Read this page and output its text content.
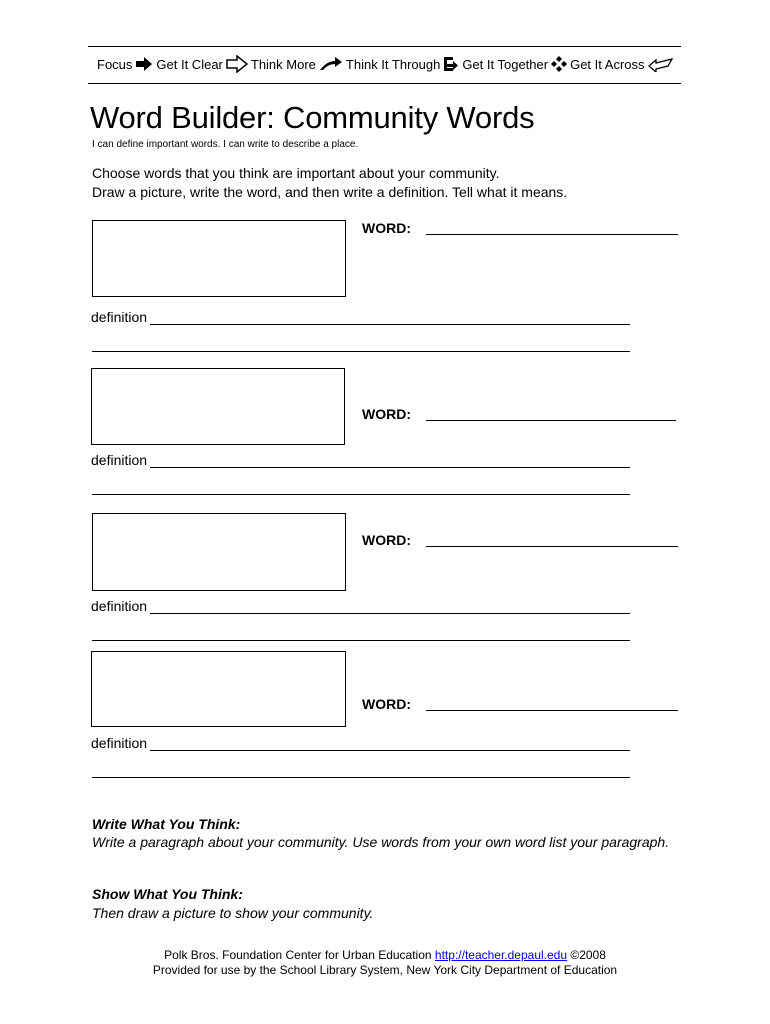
Focus Get It Clear Think More Think It Through Get It Together Get It Across
Word Builder: Community Words
I can define important words. I can write to describe a place.
Choose words that you think are important about your community.
Draw a picture, write the word, and then write a definition. Tell what it means.
WORD:
definition
WORD:
definition
WORD:
definition
WORD:
definition
Write What You Think:
Write a paragraph about your community. Use words from your own word list your paragraph.
Show What You Think:
Then draw a picture to show your community.
Polk Bros. Foundation Center for Urban Education http://teacher.depaul.edu ©2008
Provided for use by the School Library System, New York City Department of Education
